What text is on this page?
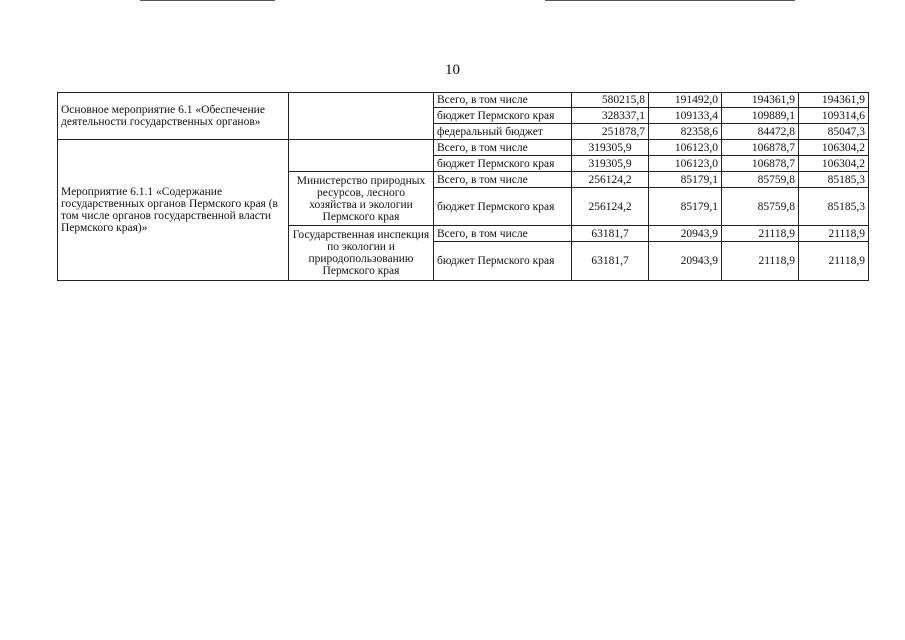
10
Основное мероприятие 6.1 «Обеспечение деятельности государственных органов»		Всего, в том числе	580215,8	191492,0	194361,9	194361,9
		бюджет Пермского края	328337,1	109133,4	109889,1	109314,6
		федеральный бюджет	251878,7	82358,6	84472,8	85047,3
Мероприятие 6.1.1 «Содержание государственных органов Пермского края (в том числе органов государственной власти Пермского края)»		Всего, в том числе	319305,9	106123,0	106878,7	106304,2
		бюджет Пермского края	319305,9	106123,0	106878,7	106304,2
	Министерство природных ресурсов, лесного хозяйства и экологии Пермского края	Всего, в том числе	256124,2	85179,1	85759,8	85185,3
		бюджет Пермского края	256124,2	85179,1	85759,8	85185,3
	Государственная инспекция по экологии и природопользованию Пермского края	Всего, в том числе	63181,7	20943,9	21118,9	21118,9
		бюджет Пермского края	63181,7	20943,9	21118,9	21118,9
